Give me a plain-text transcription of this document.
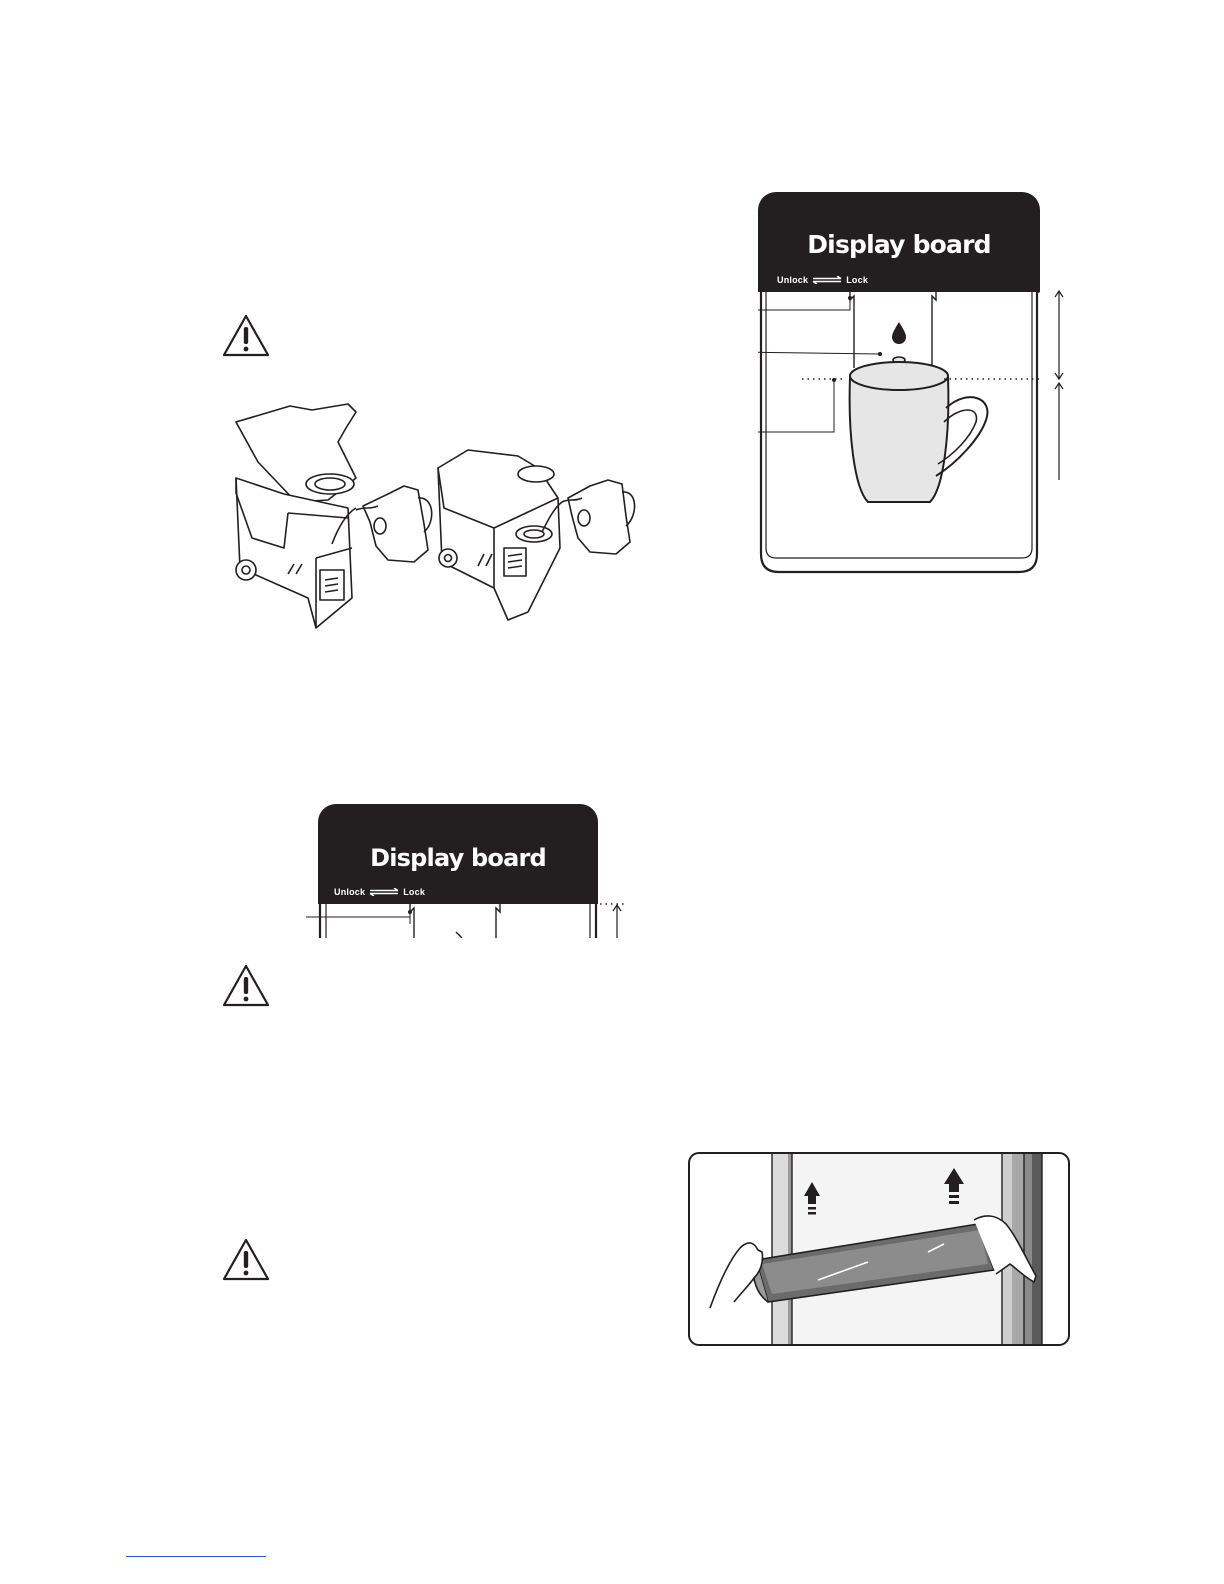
Display board
Unlock	Lock
Display board
Unlock	Lock
